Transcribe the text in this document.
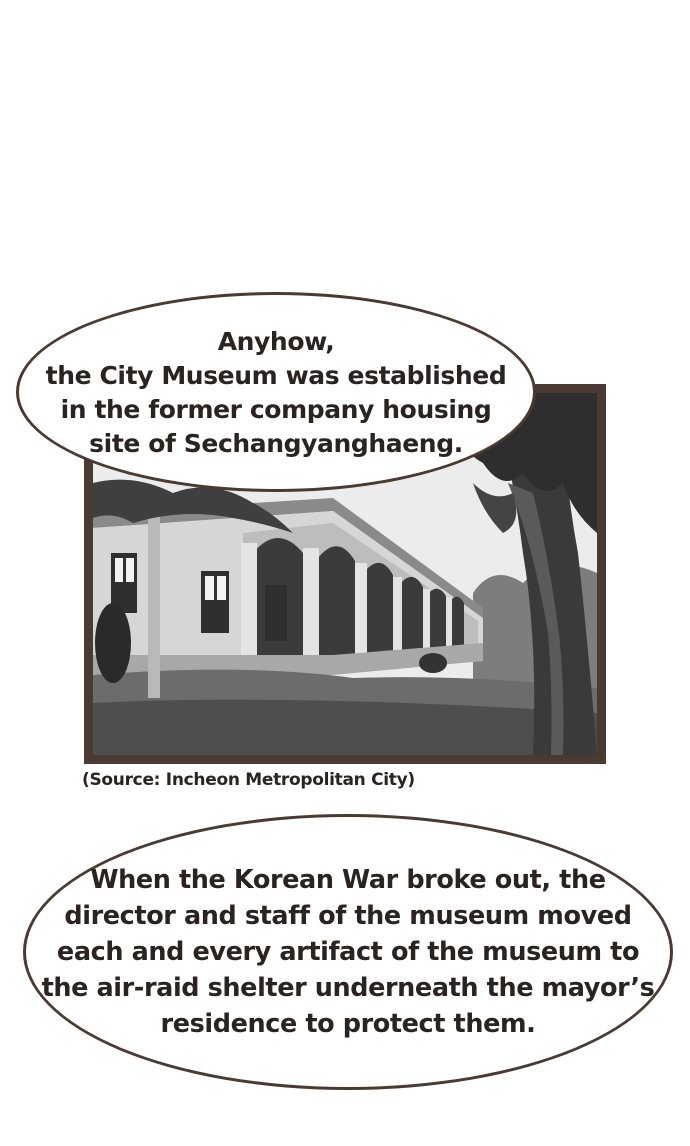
(Source: Incheon Metropolitan City)
Anyhow,
the City Museum was established
in the former company housing
site of Sechangyanghaeng.
When the Korean War broke out, the
director and staff of the museum moved
each and every artifact of the museum to
the air-raid shelter underneath the mayor’s
residence to protect them.
